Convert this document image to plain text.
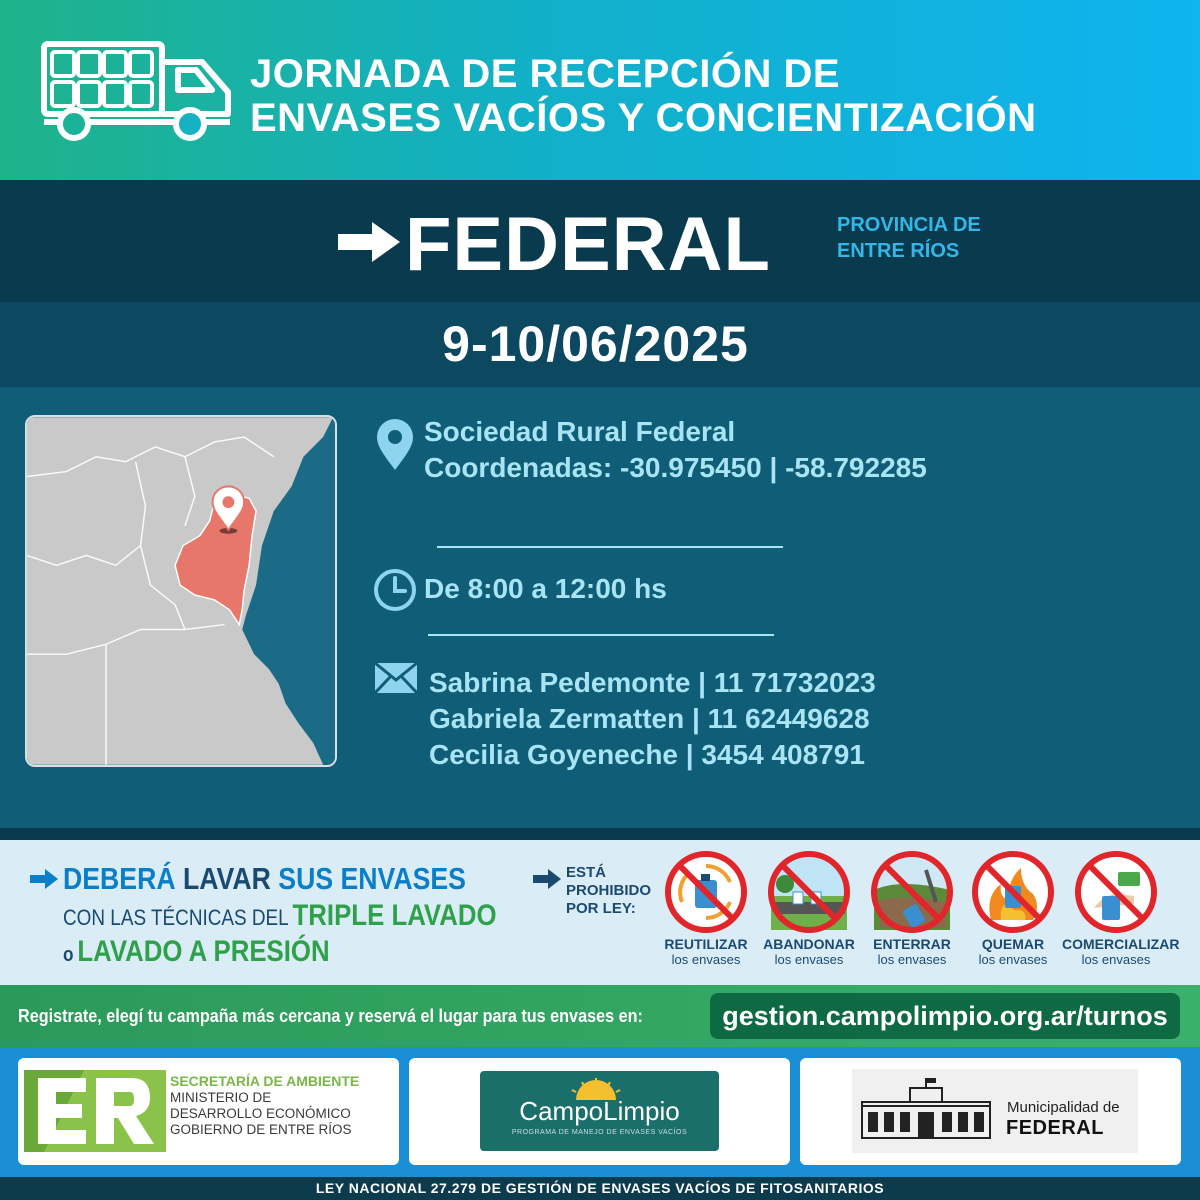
JORNADA DE RECEPCIÓN DE
ENVASES VACÍOS Y CONCIENTIZACIÓN
FEDERAL	PROVINCIA DE
ENTRE RÍOS
9-10/06/2025
Sociedad Rural Federal
Coordenadas: -30.975450 | -58.792285
De 8:00 a 12:00 hs
Sabrina Pedemonte | 11 71732023
Gabriela Zermatten | 11 62449628
Cecilia Goyeneche | 3454 408791
DEBERÁ LAVAR SUS ENVASES
CON LAS TÉCNICAS DEL TRIPLE LAVADO
o LAVADO A PRESIÓN
ESTÁ
PROHIBIDO
POR LEY:
REUTILIZAR
los envases
ABANDONAR
los envases
ENTERRAR
los envases
QUEMAR
los envases
COMERCIALIZAR
los envases
Registrate, elegí tu campaña más cercana y reservá el lugar para tus envases en:	gestion.campolimpio.org.ar/turnos
SECRETARÍA DE AMBIENTE
MINISTERIO DE
DESARROLLO ECONÓMICO
GOBIERNO DE ENTRE RÍOS
CampoLimpio
PROGRAMA DE MANEJO DE ENVASES VACÍOS
Municipalidad de
FEDERAL
LEY NACIONAL 27.279 DE GESTIÓN DE ENVASES VACÍOS DE FITOSANITARIOS
